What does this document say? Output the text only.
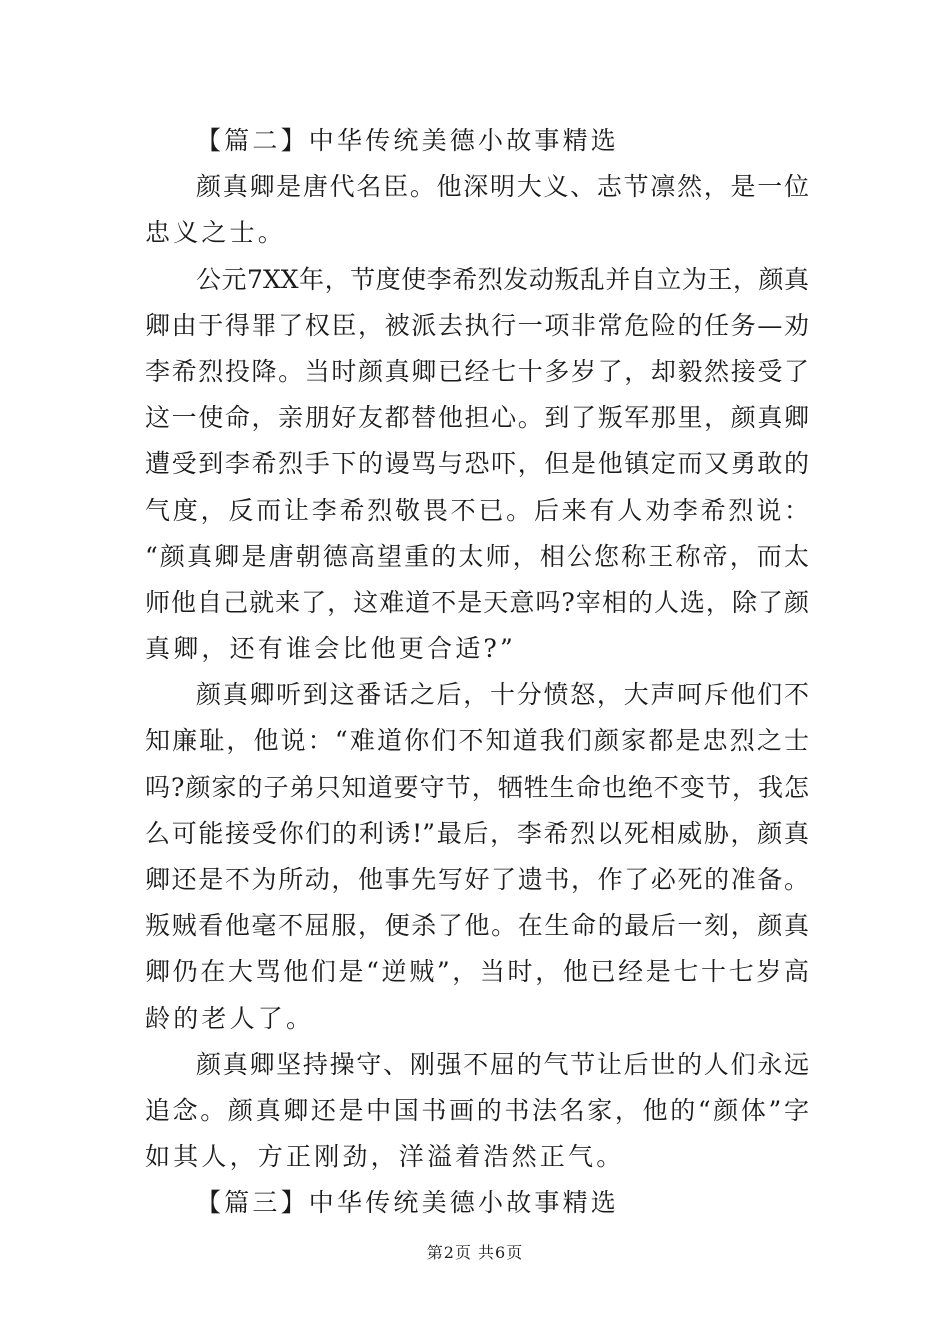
【篇二】中华传统美德小故事精选
颜真卿是唐代名臣。他深明大义、志节凛然，是一位
忠义之士。
公元7XX年，节度使李希烈发动叛乱并自立为王，颜真
卿由于得罪了权臣，被派去执行一项非常危险的任务—劝
李希烈投降。当时颜真卿已经七十多岁了，却毅然接受了
这一使命，亲朋好友都替他担心。到了叛军那里，颜真卿
遭受到李希烈手下的谩骂与恐吓，但是他镇定而又勇敢的
气度，反而让李希烈敬畏不已。后来有人劝李希烈说：
“颜真卿是唐朝德高望重的太师，相公您称王称帝，而太
师他自己就来了，这难道不是天意吗?宰相的人选，除了颜
真卿，还有谁会比他更合适?”
颜真卿听到这番话之后，十分愤怒，大声呵斥他们不
知廉耻，他说：“难道你们不知道我们颜家都是忠烈之士
吗?颜家的子弟只知道要守节，牺牲生命也绝不变节，我怎
么可能接受你们的利诱!”最后，李希烈以死相威胁，颜真
卿还是不为所动，他事先写好了遗书，作了必死的准备。
叛贼看他毫不屈服，便杀了他。在生命的最后一刻，颜真
卿仍在大骂他们是“逆贼”，当时，他已经是七十七岁高
龄的老人了。
颜真卿坚持操守、刚强不屈的气节让后世的人们永远
追念。颜真卿还是中国书画的书法名家，他的“颜体”字
如其人，方正刚劲，洋溢着浩然正气。
【篇三】中华传统美德小故事精选
第2页 共6页
